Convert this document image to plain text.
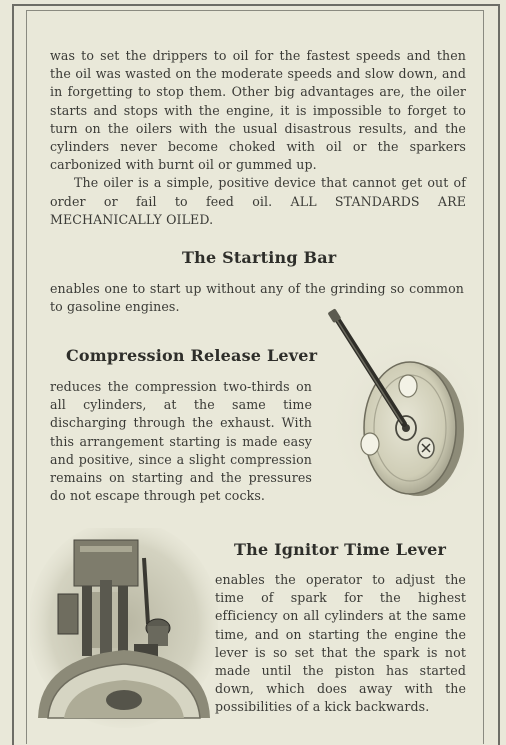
was to set the drippers to oil for the fastest speeds and then the oil was wasted on the moderate speeds and slow down, and in forgetting to stop them. Other big advantages are, the oiler starts and stops with the engine, it is impossible to forget to turn on the oilers with the usual disastrous results, and the cylinders never become choked with oil or the sparkers carbonized with burnt oil or gummed up.

The oiler is a simple, positive device that cannot get out of order or fail to feed oil. ALL STANDARDS ARE MECHANICALLY OILED.

The Starting Bar

enables one to start up without any of the grinding so common to gasoline engines.

Compression Release Lever

reduces the compression two-thirds on all cylinders, at the same time discharging through the exhaust. With this arrangement starting is made easy and positive, since a slight compression remains on starting and the pressures do not escape through pet cocks.

The Ignitor Time Lever

enables the operator to adjust the time of spark for the highest efficiency on all cylinders at the same time, and on starting the engine the lever is so set that the spark is not made until the piston has started down, which does away with the possibilities of a kick backwards.
